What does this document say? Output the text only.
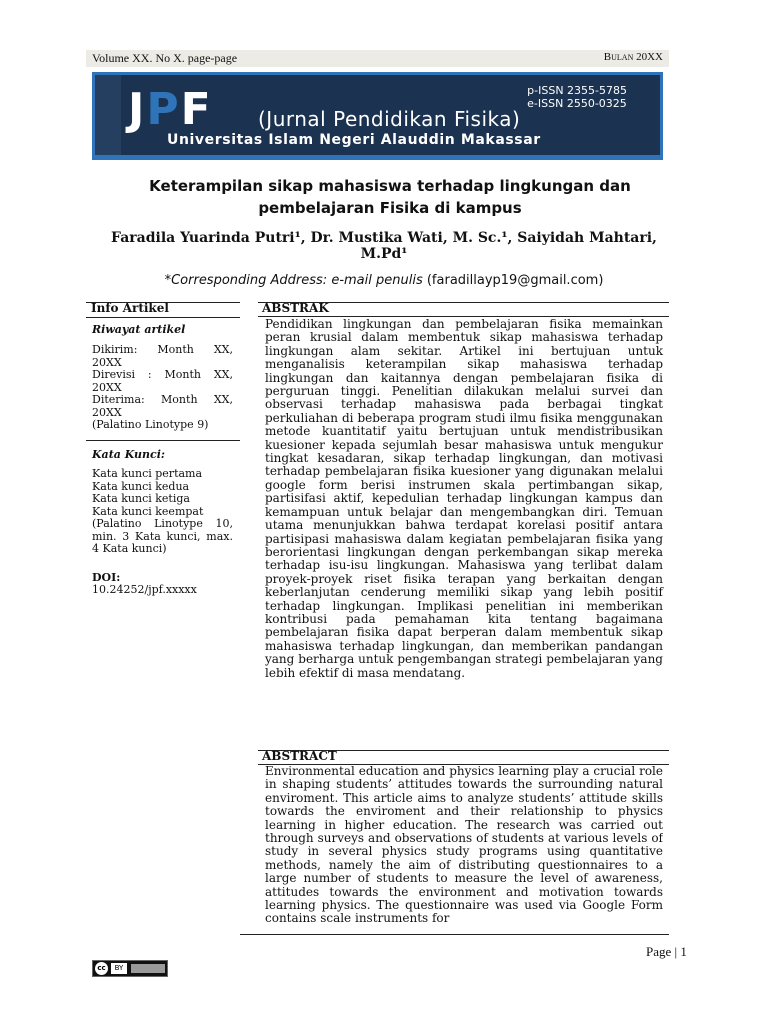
Volume XX. No X. page-page	Bulan 20XX
JPF (Jurnal Pendidikan Fisika)
p-ISSN 2355-5785
e-ISSN 2550-0325
Universitas Islam Negeri Alauddin Makassar
Keterampilan sikap mahasiswa terhadap lingkungan dan pembelajaran Fisika di kampus
Faradila Yuarinda Putri¹, Dr. Mustika Wati, M. Sc.¹, Saiyidah Mahtari, M.Pd¹
*Corresponding Address: e-mail penulis (faradillayp19@gmail.com)
Info Artikel
Riwayat artikel
Dikirim: Month XX, 20XX
Direvisi : Month XX, 20XX
Diterima: Month XX, 20XX
(Palatino Linotype 9)
Kata Kunci:
Kata kunci pertama
Kata kunci kedua
Kata kunci ketiga
Kata kunci keempat
(Palatino Linotype 10, min. 3 Kata kunci, max. 4 Kata kunci)
DOI:
10.24252/jpf.xxxxx
ABSTRAK
Pendidikan lingkungan dan pembelajaran fisika memainkan peran krusial dalam membentuk sikap mahasiswa terhadap lingkungan alam sekitar. Artikel ini bertujuan untuk menganalisis keterampilan sikap mahasiswa terhadap lingkungan dan kaitannya dengan pembelajaran fisika di perguruan tinggi. Penelitian dilakukan melalui survei dan observasi terhadap mahasiswa pada berbagai tingkat perkuliahan di beberapa program studi ilmu fisika menggunakan metode kuantitatif yaitu bertujuan untuk mendistribusikan kuesioner kepada sejumlah besar mahasiswa untuk mengukur tingkat kesadaran, sikap terhadap lingkungan, dan motivasi terhadap pembelajaran fisika kuesioner yang digunakan melalui google form berisi instrumen skala pertimbangan sikap, partisifasi aktif, kepedulian terhadap lingkungan kampus dan kemampuan untuk belajar dan mengembangkan diri. Temuan utama menunjukkan bahwa terdapat korelasi positif antara partisipasi mahasiswa dalam kegiatan pembelajaran fisika yang berorientasi lingkungan dengan perkembangan sikap mereka terhadap isu-isu lingkungan. Mahasiswa yang terlibat dalam proyek-proyek riset fisika terapan yang berkaitan dengan keberlanjutan cenderung memiliki sikap yang lebih positif terhadap lingkungan. Implikasi penelitian ini memberikan kontribusi pada pemahaman kita tentang bagaimana pembelajaran fisika dapat berperan dalam membentuk sikap mahasiswa terhadap lingkungan, dan memberikan pandangan yang berharga untuk pengembangan strategi pembelajaran yang lebih efektif di masa mendatang.
ABSTRACT
Environmental education and physics learning play a crucial role in shaping students’ attitudes towards the surrounding natural enviroment. This article aims to analyze students’ attitude skills towards the enviroment and their relationship to physics learning in higher education. The research was carried out through surveys and observations of students at various levels of study in several physics study programs using quantitative methods, namely the aim of distributing questionnaires to a large number of students to measure the level of awareness, attitudes towards the environment and motivation towards learning physics. The questionnaire was used via Google Form contains scale instruments for
Page | 1
cc	BY
